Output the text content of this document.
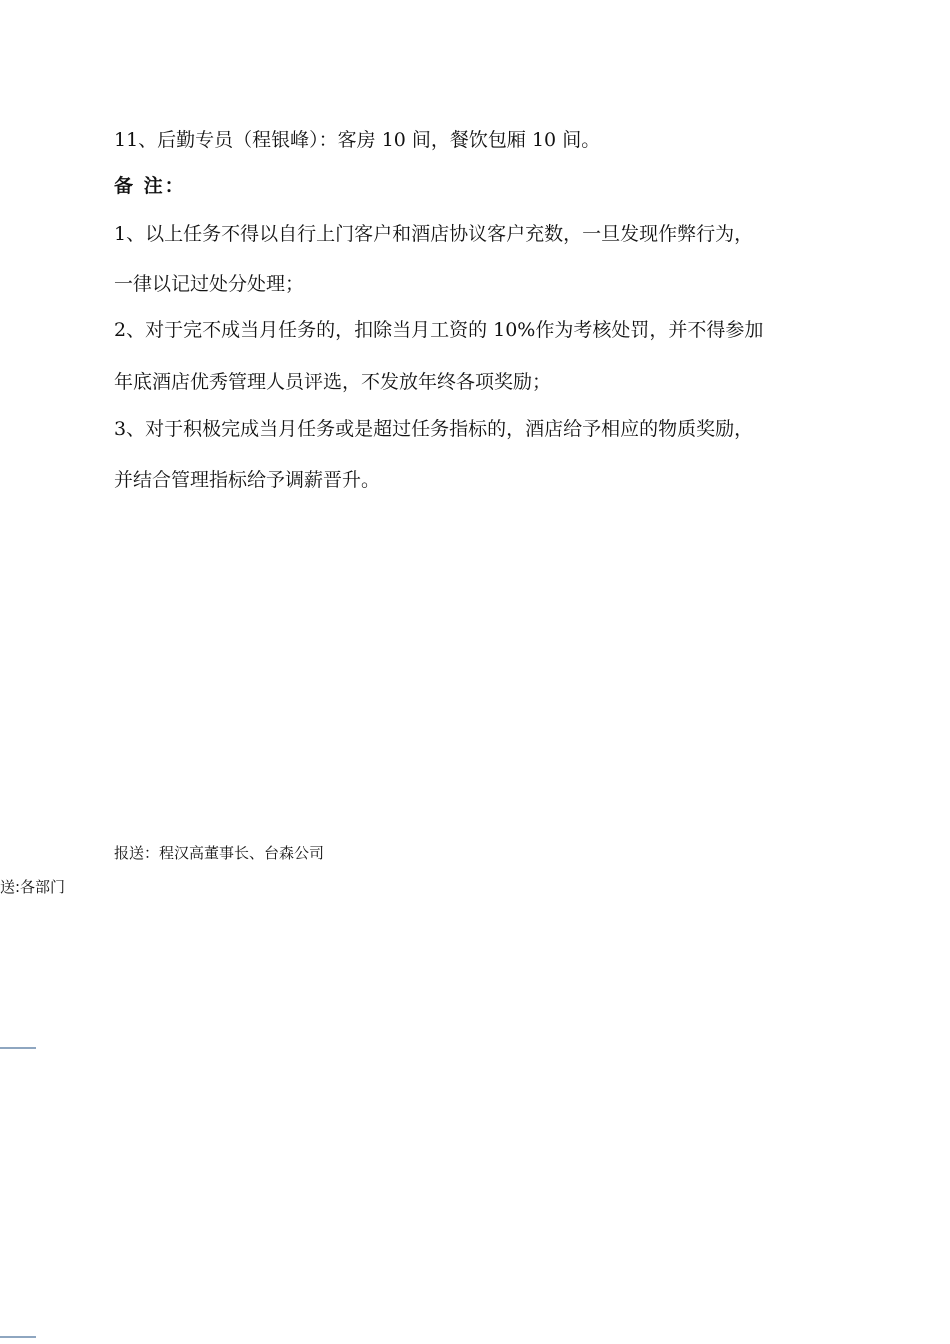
11、后勤专员（程银峰）：客房 10 间，餐饮包厢 10 间。
备 注：
1、以上任务不得以自行上门客户和酒店协议客户充数，一旦发现作弊行为，
一律以记过处分处理；
2、对于完不成当月任务的，扣除当月工资的 10%作为考核处罚，并不得参加
年底酒店优秀管理人员评选，不发放年终各项奖励；
3、对于积极完成当月任务或是超过任务指标的，酒店给予相应的物质奖励，
并结合管理指标给予调薪晋升。
报送：程汉高董事长、台森公司
送:各部门
